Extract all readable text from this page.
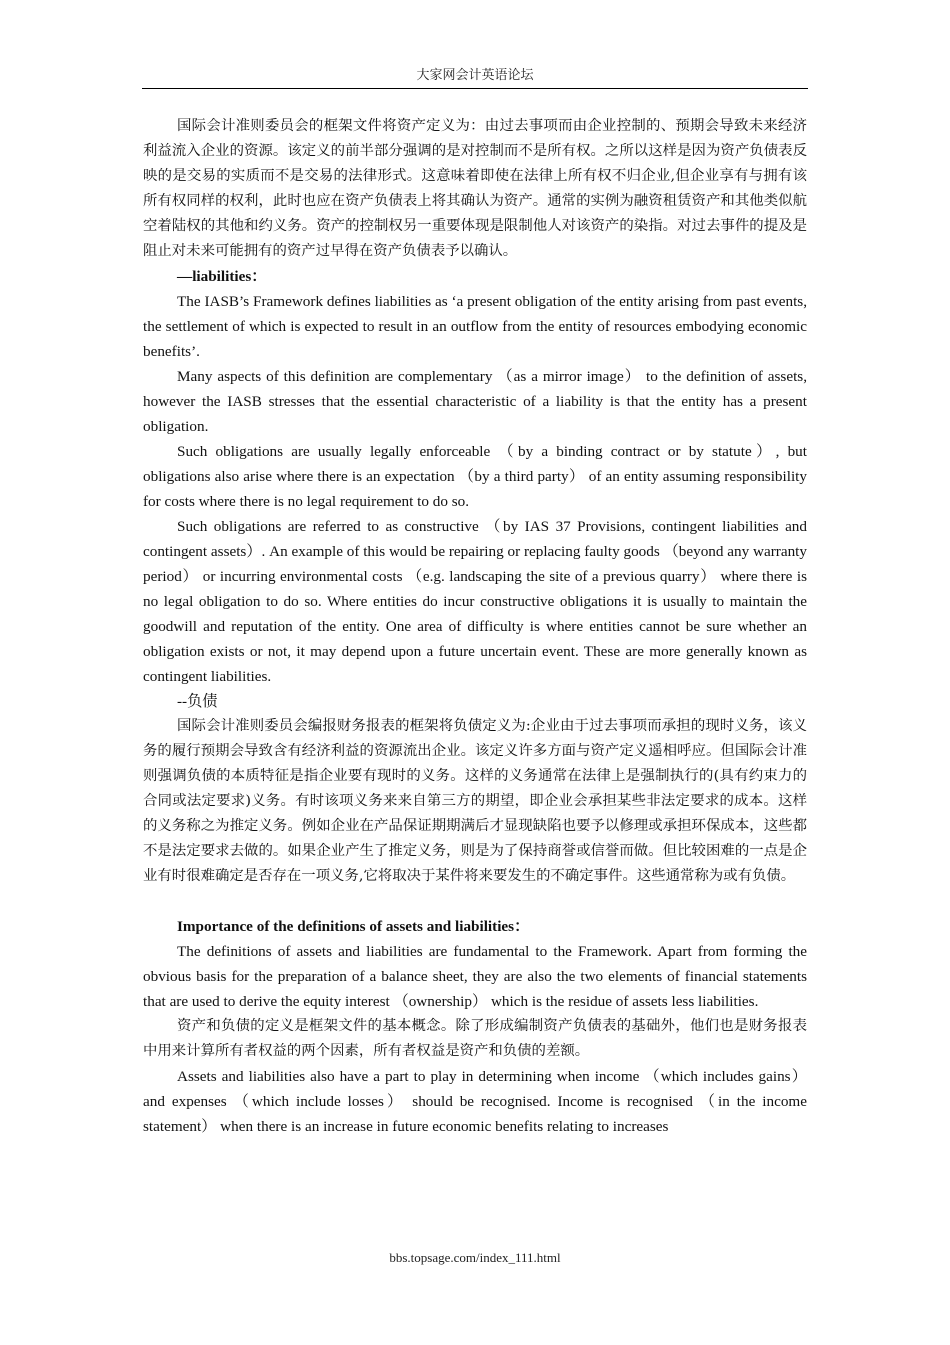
大家网会计英语论坛

国际会计准则委员会的框架文件将资产定义为：由过去事项而由企业控制的、预期会导致未来经济利益流入企业的资源。该定义的前半部分强调的是对控制而不是所有权。之所以这样是因为资产负债表反映的是交易的实质而不是交易的法律形式。这意味着即使在法律上所有权不归企业,但企业享有与拥有该所有权同样的权利，此时也应在资产负债表上将其确认为资产。通常的实例为融资租赁资产和其他类似航空着陆权的其他和约义务。资产的控制权另一重要体现是限制他人对该资产的染指。对过去事件的提及是阻止对未来可能拥有的资产过早得在资产负债表予以确认。

—liabilities：

The IASB’s Framework defines liabilities as ‘a present obligation of the entity arising from past events, the settlement of which is expected to result in an outflow from the entity of resources embodying economic benefits’.

Many aspects of this definition are complementary （as a mirror image） to the definition of assets, however the IASB stresses that the essential characteristic of a liability is that the entity has a present obligation.

Such obligations are usually legally enforceable （by a binding contract or by statute）, but obligations also arise where there is an expectation （by a third party） of an entity assuming responsibility for costs where there is no legal requirement to do so.

Such obligations are referred to as constructive （by IAS 37 Provisions, contingent liabilities and contingent assets）. An example of this would be repairing or replacing faulty goods （beyond any warranty period） or incurring environmental costs （e.g. landscaping the site of a previous quarry） where there is no legal obligation to do so. Where entities do incur constructive obligations it is usually to maintain the goodwill and reputation of the entity. One area of difficulty is where entities cannot be sure whether an obligation exists or not, it may depend upon a future uncertain event. These are more generally known as contingent liabilities.

--负债

国际会计准则委员会编报财务报表的框架将负债定义为:企业由于过去事项而承担的现时义务，该义务的履行预期会导致含有经济利益的资源流出企业。该定义许多方面与资产定义遥相呼应。但国际会计准则强调负债的本质特征是指企业要有现时的义务。这样的义务通常在法律上是强制执行的(具有约束力的合同或法定要求)义务。有时该项义务来来自第三方的期望，即企业会承担某些非法定要求的成本。这样的义务称之为推定义务。例如企业在产品保证期期满后才显现缺陷也要予以修理或承担环保成本，这些都不是法定要求去做的。如果企业产生了推定义务，则是为了保持商誉或信誉而做。但比较困难的一点是企业有时很难确定是否存在一项义务,它将取决于某件将来要发生的不确定事件。这些通常称为或有负债。

Importance of the definitions of assets and liabilities：

The definitions of assets and liabilities are fundamental to the Framework. Apart from forming the obvious basis for the preparation of a balance sheet, they are also the two elements of financial statements that are used to derive the equity interest （ownership） which is the residue of assets less liabilities.

资产和负债的定义是框架文件的基本概念。除了形成编制资产负债表的基础外，他们也是财务报表中用来计算所有者权益的两个因素，所有者权益是资产和负债的差额。

Assets and liabilities also have a part to play in determining when income （which includes gains） and expenses （which include losses） should be recognised. Income is recognised （in the income statement） when there is an increase in future economic benefits relating to increases

bbs.topsage.com/index_111.html
